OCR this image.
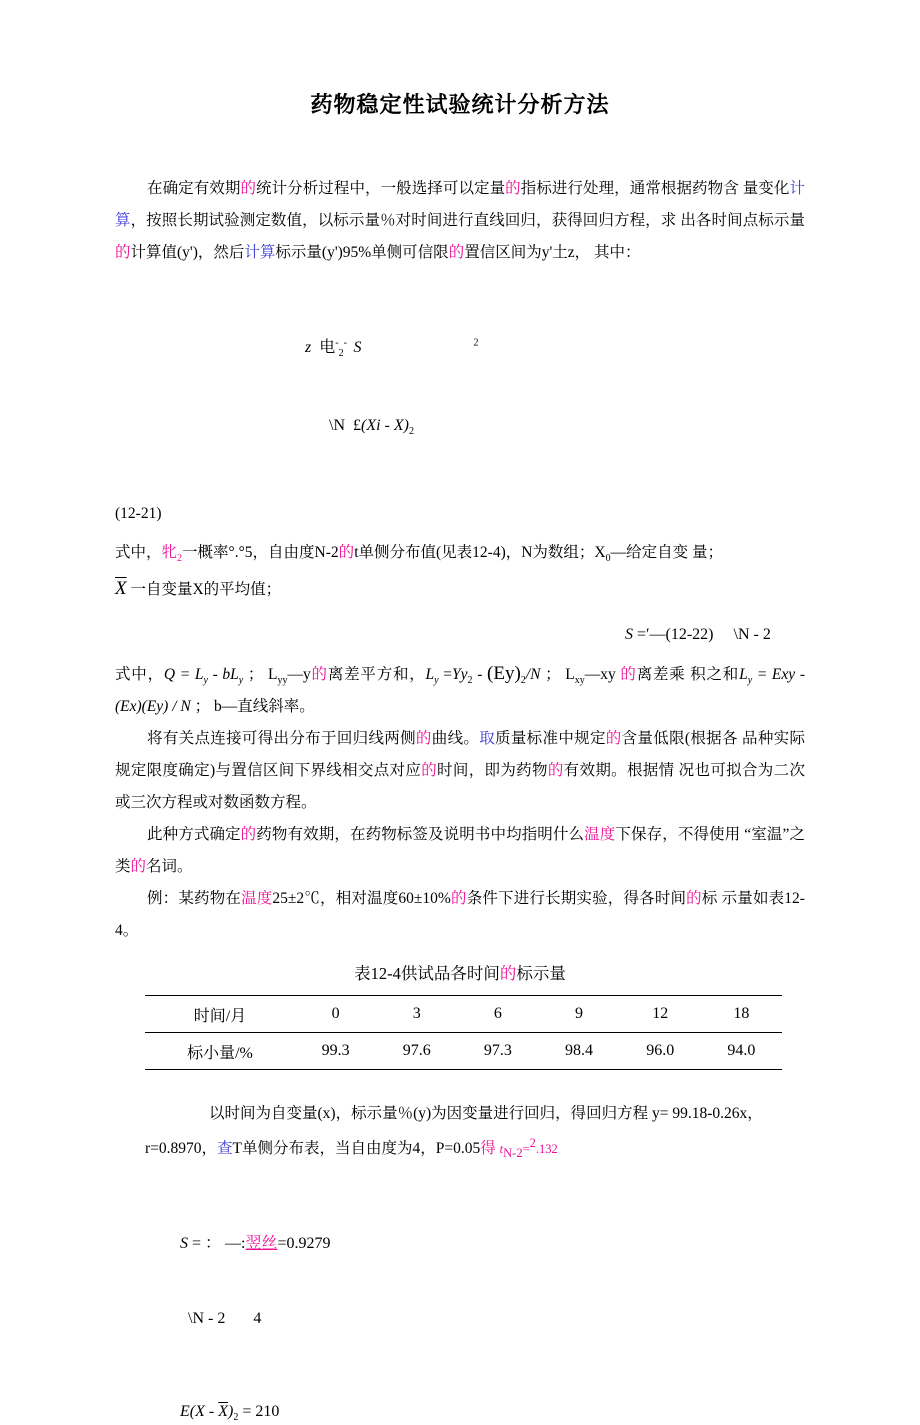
药物稳定性试验统计分析方法

在确定有效期的统计分析过程中，一般选择可以定量的指标进行处理，通常根据药物含 量变化计算，按照长期试验测定数值，以标示量％对时间进行直线回归，获得回归方程，求 出各时间点标示量的计算值(y')，然后计算标示量(y')95%单侧可信限的置信区间为y'土z， 其中：

z  电-$_2$-  S	$^2$

\N  £(Xi - $X)_2$

(12-21)

式中，牝$_2$一概率°.°5，自由度N-2的t单侧分布值(见表12-4)，N为数组；$X_0—$给定自变 量；

$\overline{X}$ 一自变量X的平均值；

S =′—(12-22)　 \N - 2

式中，$Q = L_y - bL_y$ ； $L_{yy}—y$的离差平方和，$L_y =Yy_2 - (Ey)_2/N$ ； $L_{xy}—xy$ 的离差乘 积之和$L_y$ = Exy - (Ex)(Ey) / N ； b—直线斜率。

将有关点连接可得出分布于回归线两侧的曲线。取质量标准中规定的含量低限(根据各 品种实际规定限度确定)与置信区间下界线相交点对应的时间，即为药物的有效期。根据情 况也可拟合为二次或三次方程或对数函数方程。

此种方式确定的药物有效期，在药物标签及说明书中均指明什么温度下保存，不得使用 “室温”之类的名词。

例：某药物在温度25±2℃，相对温度60±10%的条件下进行长期实验，得各时间的标 示量如表12-4。

表12-4供试品各时间的标示量

时间/月	0	3	6	9	12	18
标小量/%	99.3	97.6	97.3	98.4	96.0	94.0

以时间为自变量(x)，标示量％(y)为因变量进行回归，得回归方程 y= 99.18-0.26x，r=0.8970，查T单侧分布表，当自由度为4，P=0.05得 $t_{N-2}=^2.132$

S = ： —:翌丝=0.9279

\N - 2       4

$E(X - \overline{X})_2 = 210$
